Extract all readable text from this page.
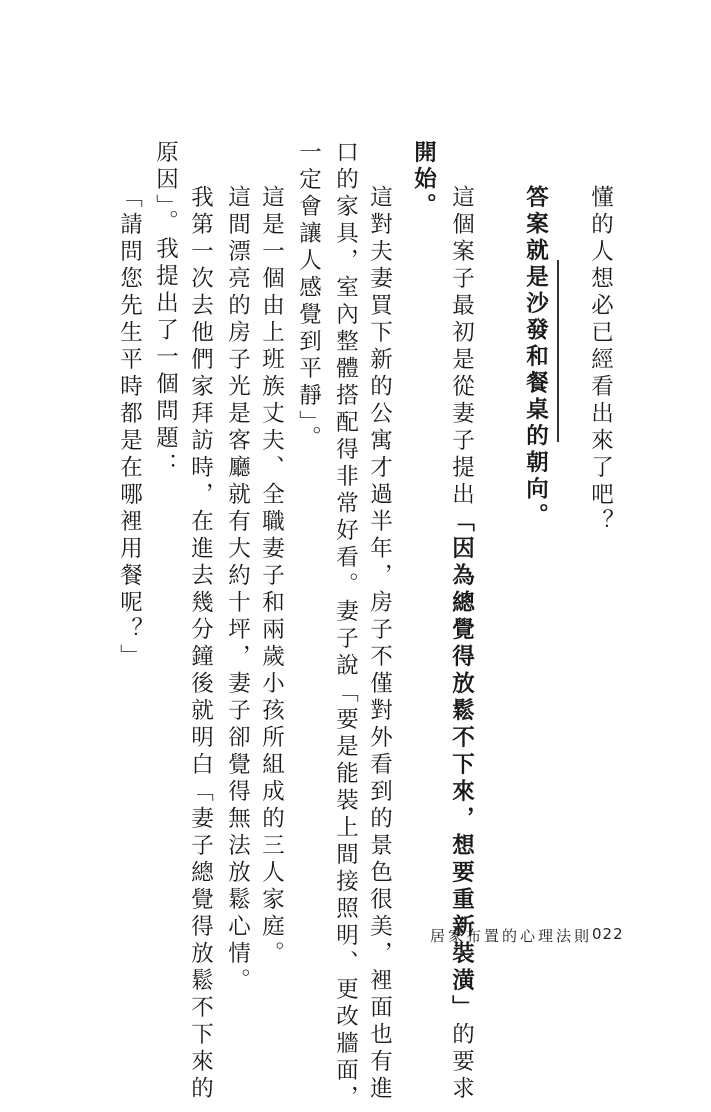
懂的人想必已經看出來了吧？
答案就是沙發和餐桌的朝向。
這個案子最初是從妻子提出「因為總覺得放鬆不下來，想要重新裝潢」的要求
開始。
這對夫妻買下新的公寓才過半年，房子不僅對外看到的景色很美，裡面也有進
口的家具，室內整體搭配得非常好看。妻子說「要是能裝上間接照明、更改牆面，
一定會讓人感覺到平靜」。
這是一個由上班族丈夫、全職妻子和兩歲小孩所組成的三人家庭。
這間漂亮的房子光是客廳就有大約十坪，妻子卻覺得無法放鬆心情。
我第一次去他們家拜訪時，在進去幾分鐘後就明白「妻子總覺得放鬆不下來的
原因」。我提出了一個問題：
「請問您先生平時都是在哪裡用餐呢？」
居家布置的心理法則 022
